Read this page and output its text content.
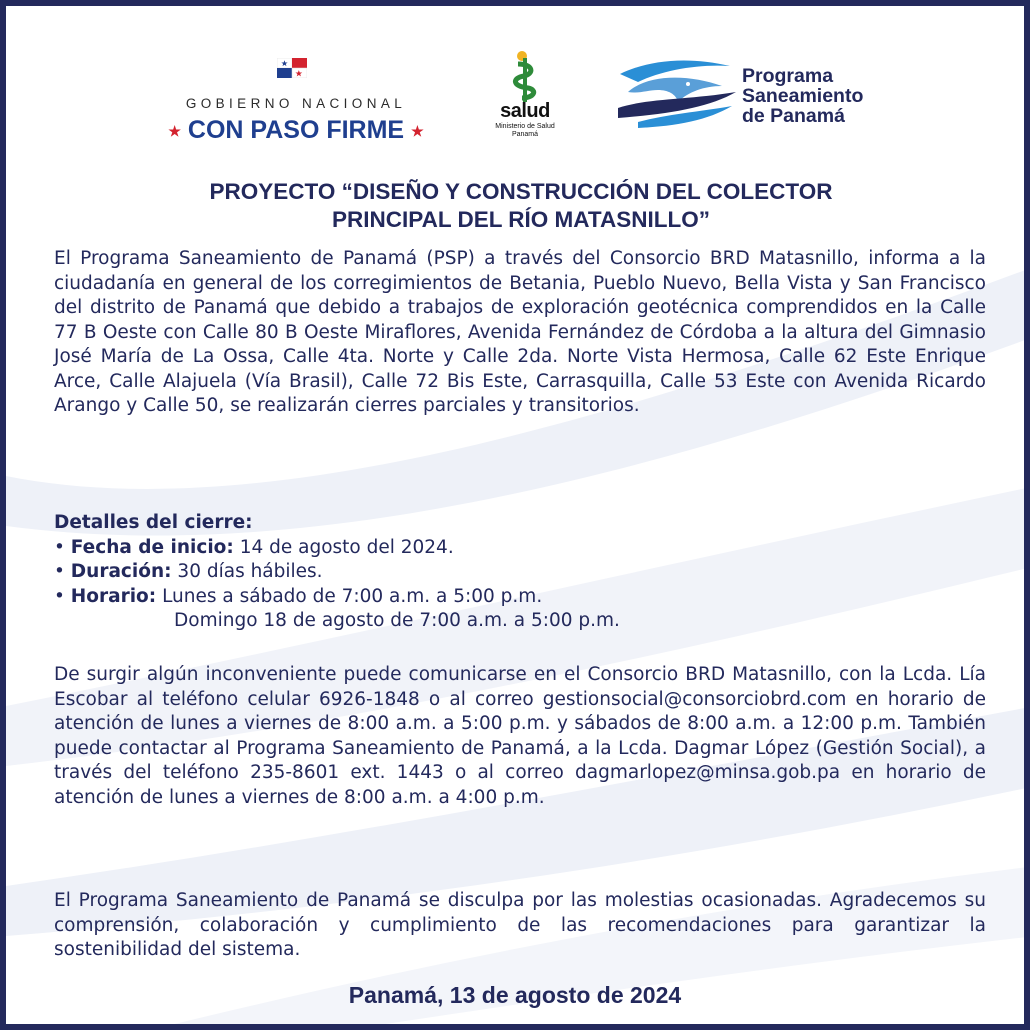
GOBIERNO NACIONAL
★ CON PASO FIRME ★
salud
Ministerio de Salud
Panamá
Programa
Saneamiento
de Panamá
PROYECTO “DISEÑO Y CONSTRUCCIÓN DEL COLECTOR
PRINCIPAL DEL RÍO MATASNILLO”
El Programa Saneamiento de Panamá (PSP) a través del Consorcio BRD Matasnillo, informa a la ciudadanía en general de los corregimientos de Betania, Pueblo Nuevo, Bella Vista y San Francisco del distrito de Panamá que debido a trabajos de exploración geotécnica comprendidos en la Calle 77 B Oeste con Calle 80 B Oeste Miraflores, Avenida Fernández de Córdoba a la altura del Gimnasio José María de La Ossa, Calle 4ta. Norte y Calle 2da. Norte Vista Hermosa, Calle 62 Este Enrique Arce, Calle Alajuela (Vía Brasil), Calle 72 Bis Este, Carrasquilla, Calle 53 Este con Avenida Ricardo Arango y Calle 50, se realizarán cierres parciales y transitorios.
Detalles del cierre:
• Fecha de inicio: 14 de agosto del 2024.
• Duración: 30 días hábiles.
• Horario: Lunes a sábado de 7:00 a.m. a 5:00 p.m.
Domingo 18 de agosto de 7:00 a.m. a 5:00 p.m.
De surgir algún inconveniente puede comunicarse en el Consorcio BRD Matasnillo, con la Lcda. Lía Escobar al teléfono celular 6926-1848 o al correo gestionsocial@consorciobrd.com en horario de atención de lunes a viernes de 8:00 a.m. a 5:00 p.m. y sábados de 8:00 a.m. a 12:00 p.m. También puede contactar al Programa Saneamiento de Panamá, a la Lcda. Dagmar López (Gestión Social), a través del teléfono 235-8601 ext. 1443 o al correo dagmarlopez@minsa.gob.pa en horario de atención de lunes a viernes de 8:00 a.m. a 4:00 p.m.
El Programa Saneamiento de Panamá se disculpa por las molestias ocasionadas. Agradecemos su comprensión, colaboración y cumplimiento de las recomendaciones para garantizar la sostenibilidad del sistema.
Panamá, 13 de agosto de 2024
